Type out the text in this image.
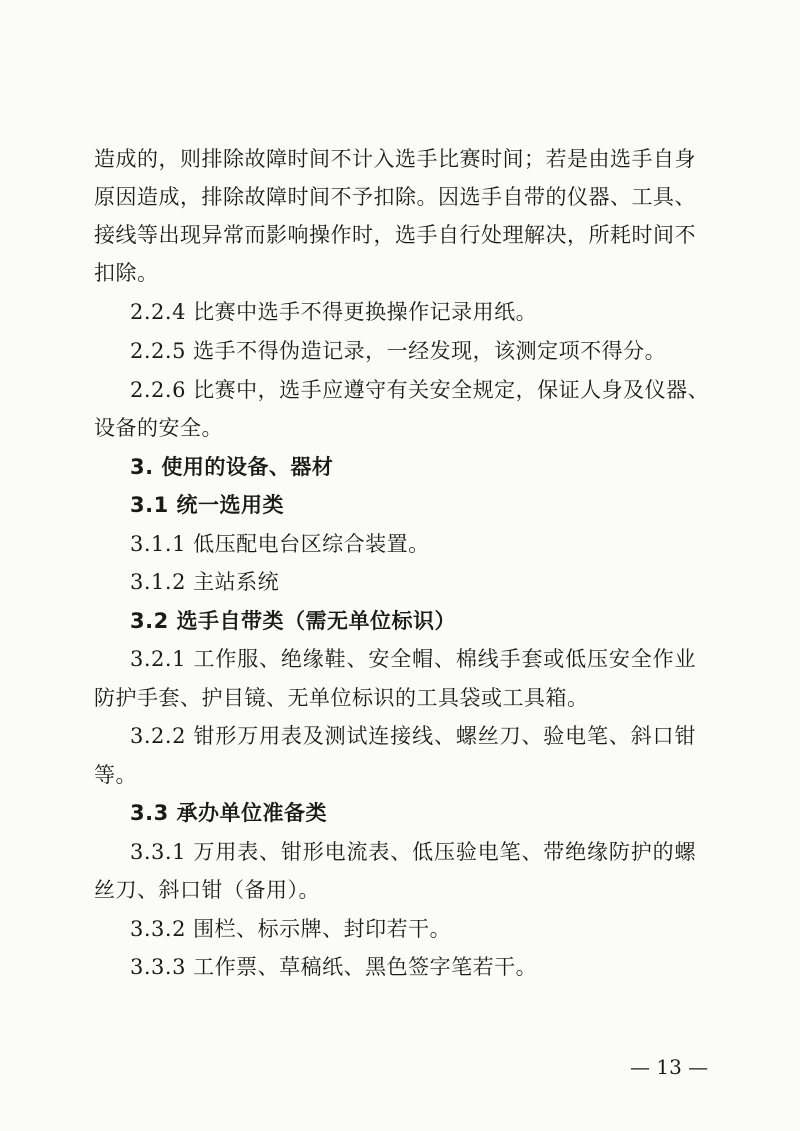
造成的，则排除故障时间不计入选手比赛时间；若是由选手自身
原因造成，排除故障时间不予扣除。因选手自带的仪器、工具、
接线等出现异常而影响操作时，选手自行处理解决，所耗时间不
扣除。
2.2.4 比赛中选手不得更换操作记录用纸。
2.2.5 选手不得伪造记录，一经发现，该测定项不得分。
2.2.6 比赛中，选手应遵守有关安全规定，保证人身及仪器、
设备的安全。
3. 使用的设备、器材
3.1 统一选用类
3.1.1 低压配电台区综合装置。
3.1.2 主站系统
3.2 选手自带类（需无单位标识）
3.2.1 工作服、绝缘鞋、安全帽、棉线手套或低压安全作业
防护手套、护目镜、无单位标识的工具袋或工具箱。
3.2.2 钳形万用表及测试连接线、螺丝刀、验电笔、斜口钳
等。
3.3 承办单位准备类
3.3.1 万用表、钳形电流表、低压验电笔、带绝缘防护的螺
丝刀、斜口钳（备用）。
3.3.2 围栏、标示牌、封印若干。
3.3.3 工作票、草稿纸、黑色签字笔若干。
— 13 —
